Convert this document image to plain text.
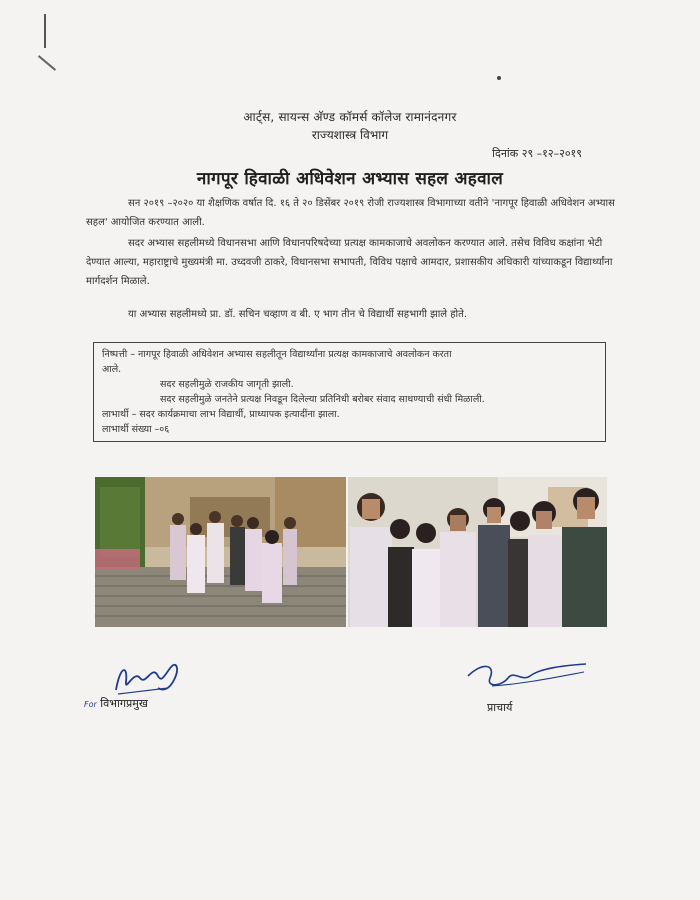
आर्ट्स, सायन्स अ‍ॅण्ड कॉमर्स कॉलेज रामानंदनगर
राज्यशास्त्र विभाग
दिनांक २९ –१२–२०१९
नागपूर हिवाळी अधिवेशन अभ्यास सहल अहवाल
सन २०१९ –२०२० या शैक्षणिक वर्षात दि. १६ ते २० डिसेंबर २०१९ रोजी राज्यशास्त्र विभागाच्या वतीने 'नागपूर हिवाळी अधिवेशन अभ्यास सहल' आयोजित करण्यात आली.
सदर अभ्यास सहलीमध्ये विधानसभा आणि विधानपरिषदेच्या प्रत्यक्ष कामकाजाचे अवलोकन करण्यात आले. तसेच विविध कक्षांना भेटी देण्यात आल्या, महाराष्ट्राचे मुख्यमंत्री मा. उध्दवजी ठाकरे, विधानसभा सभापती, विविध पक्षाचे आमदार, प्रशासकीय अधिकारी यांच्याकडून विद्यार्थ्यांना मार्गदर्शन मिळाले.
या अभ्यास सहलीमध्ये प्रा. डॉ. सचिन चव्हाण व बी. ए भाग तीन चे विद्यार्थी सहभागी झाले होते.
निष्पत्ती – नागपूर हिवाळी अधिवेशन अभ्यास सहलीतून विद्यार्थ्यांना प्रत्यक्ष कामकाजाचे अवलोकन करता
आले.
सदर सहलीमुळे राजकीय जागृती झाली.
सदर सहलीमुळे जनतेने प्रत्यक्ष निवडून दिलेल्या प्रतिनिधी बरोबर संवाद साधण्याची संधी मिळाली.
लाभार्थी – सदर कार्यक्रमाचा लाभ विद्यार्थी, प्राध्यापक इत्यादींना झाला.
लाभार्थी संख्या –०६
For विभागप्रमुख	प्राचार्य
